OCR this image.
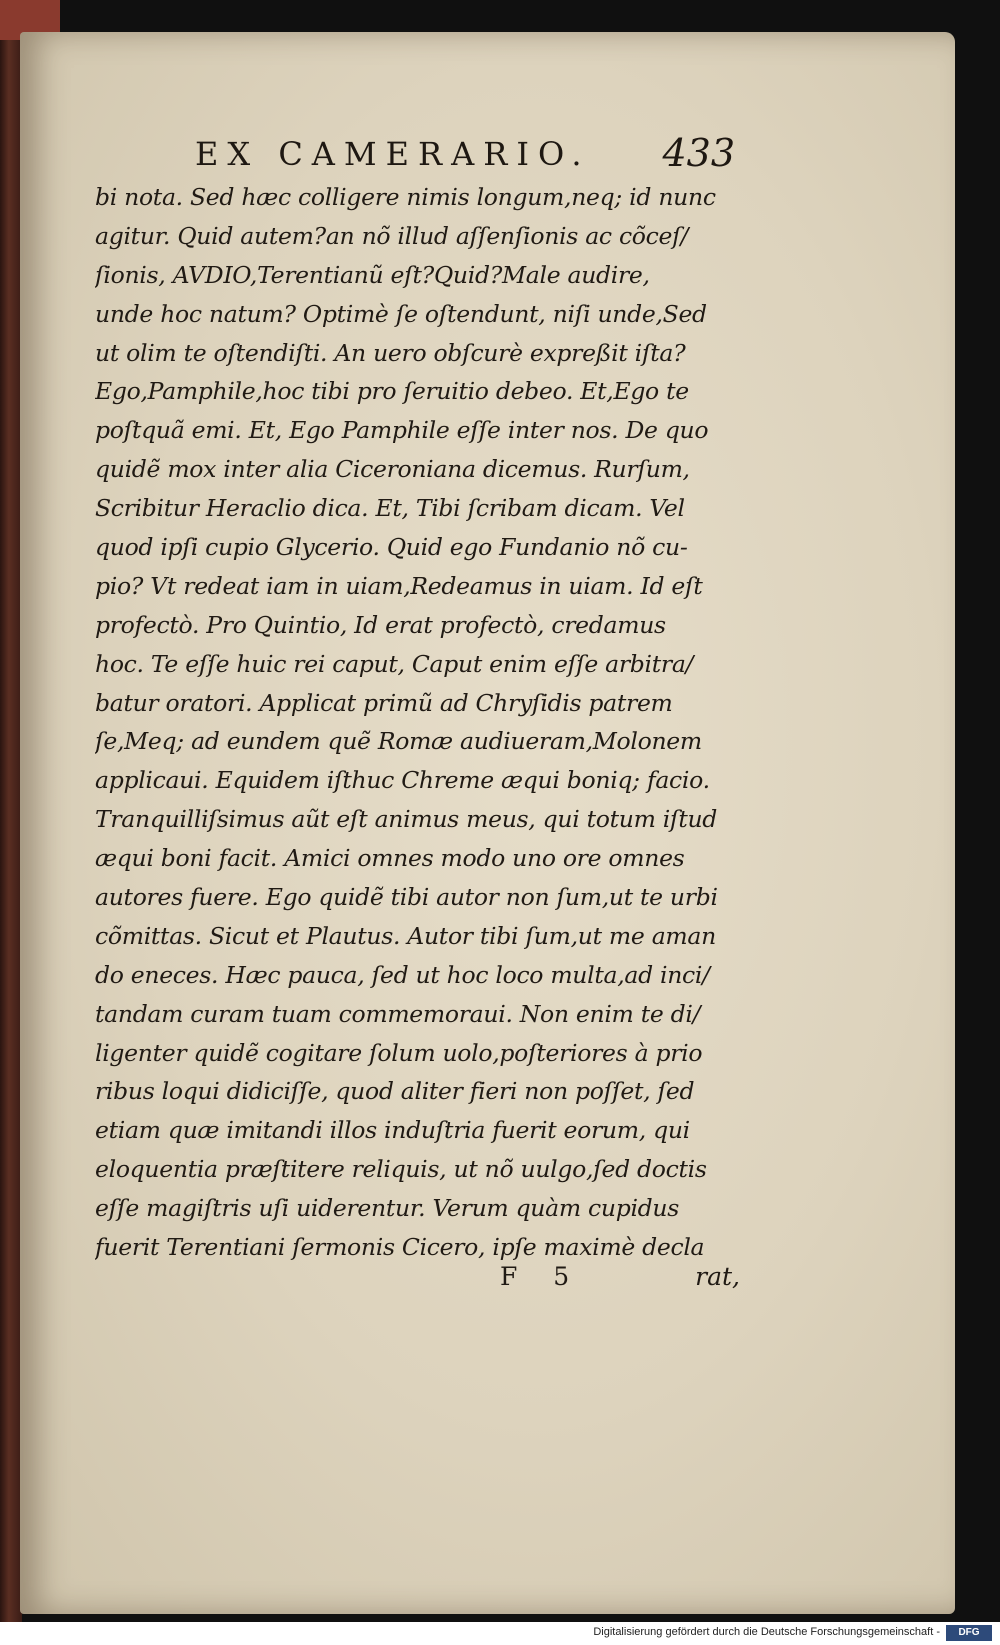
EX CAMERARIO. 433
bi nota. Sed hæc colligere nimis longum,neq; id nunc
agitur. Quid autem?an nõ illud aſſenſionis ac cõceſ/
ſionis, AVDIO,Terentianũ eſt?Quid?Male audire,
unde hoc natum? Optimè ſe oſtendunt, niſi unde,Sed
ut olim te oſtendiſti. An uero obſcurè expreßit iſta?
Ego,Pamphile,hoc tibi pro ſeruitio debeo. Et,Ego te
poſtquã emi. Et, Ego Pamphile eſſe inter nos. De quo
quidẽ mox inter alia Ciceroniana dicemus. Rurſum,
Scribitur Heraclio dica. Et, Tibi ſcribam dicam. Vel
quod ipſi cupio Glycerio. Quid ego Fundanio nõ cu-
pio? Vt redeat iam in uiam,Redeamus in uiam. Id eſt
profectò. Pro Quintio, Id erat profectò, credamus
hoc. Te eſſe huic rei caput, Caput enim eſſe arbitra/
batur oratori. Applicat primũ ad Chryſidis patrem
ſe,Meq; ad eundem quẽ Romæ audiueram,Molonem
applicaui. Equidem iſthuc Chreme æqui boniq; facio.
Tranquilliſsimus aũt eſt animus meus, qui totum iſtud
æqui boni facit. Amici omnes modo uno ore omnes
autores fuere. Ego quidẽ tibi autor non ſum,ut te urbi
cõmittas. Sicut et Plautus. Autor tibi ſum,ut me aman
do eneces. Hæc pauca, ſed ut hoc loco multa,ad inci/
tandam curam tuam commemoraui. Non enim te di/
ligenter quidẽ cogitare ſolum uolo,poſteriores à prio
ribus loqui didiciſſe, quod aliter fieri non poſſet, ſed
etiam quæ imitandi illos induſtria fuerit eorum, qui
eloquentia præſtitere reliquis, ut nõ uulgo,ſed doctis
eſſe magiſtris uſi uiderentur. Verum quàm cupidus
fuerit Terentiani ſermonis Cicero, ipſe maximè decla
F 5	rat,
Digitalisierung gefördert durch die Deutsche Forschungsgemeinschaft -	DFG
